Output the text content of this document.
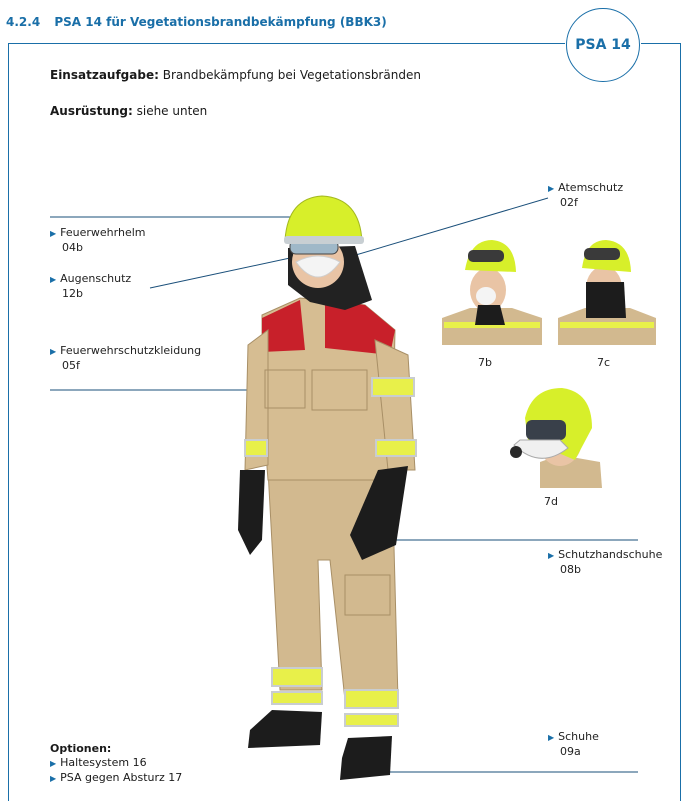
4.2.4 PSA 14 für Vegetationsbrandbekämpfung (BBK3)
PSA 14
Einsatzaufgabe: Brandbekämpfung bei Vegetationsbränden
Ausrüstung: siehe unten
▶ Feuerwehrhelm
04b
▶ Augenschutz
12b
▶ Feuerwehrschutzkleidung
05f
▶ Atemschutz
02f
▶ Schutzhandschuhe
08b
▶ Schuhe
09a
7b	7c
7d
Optionen:
▶ Haltesystem 16
▶ PSA gegen Absturz 17
